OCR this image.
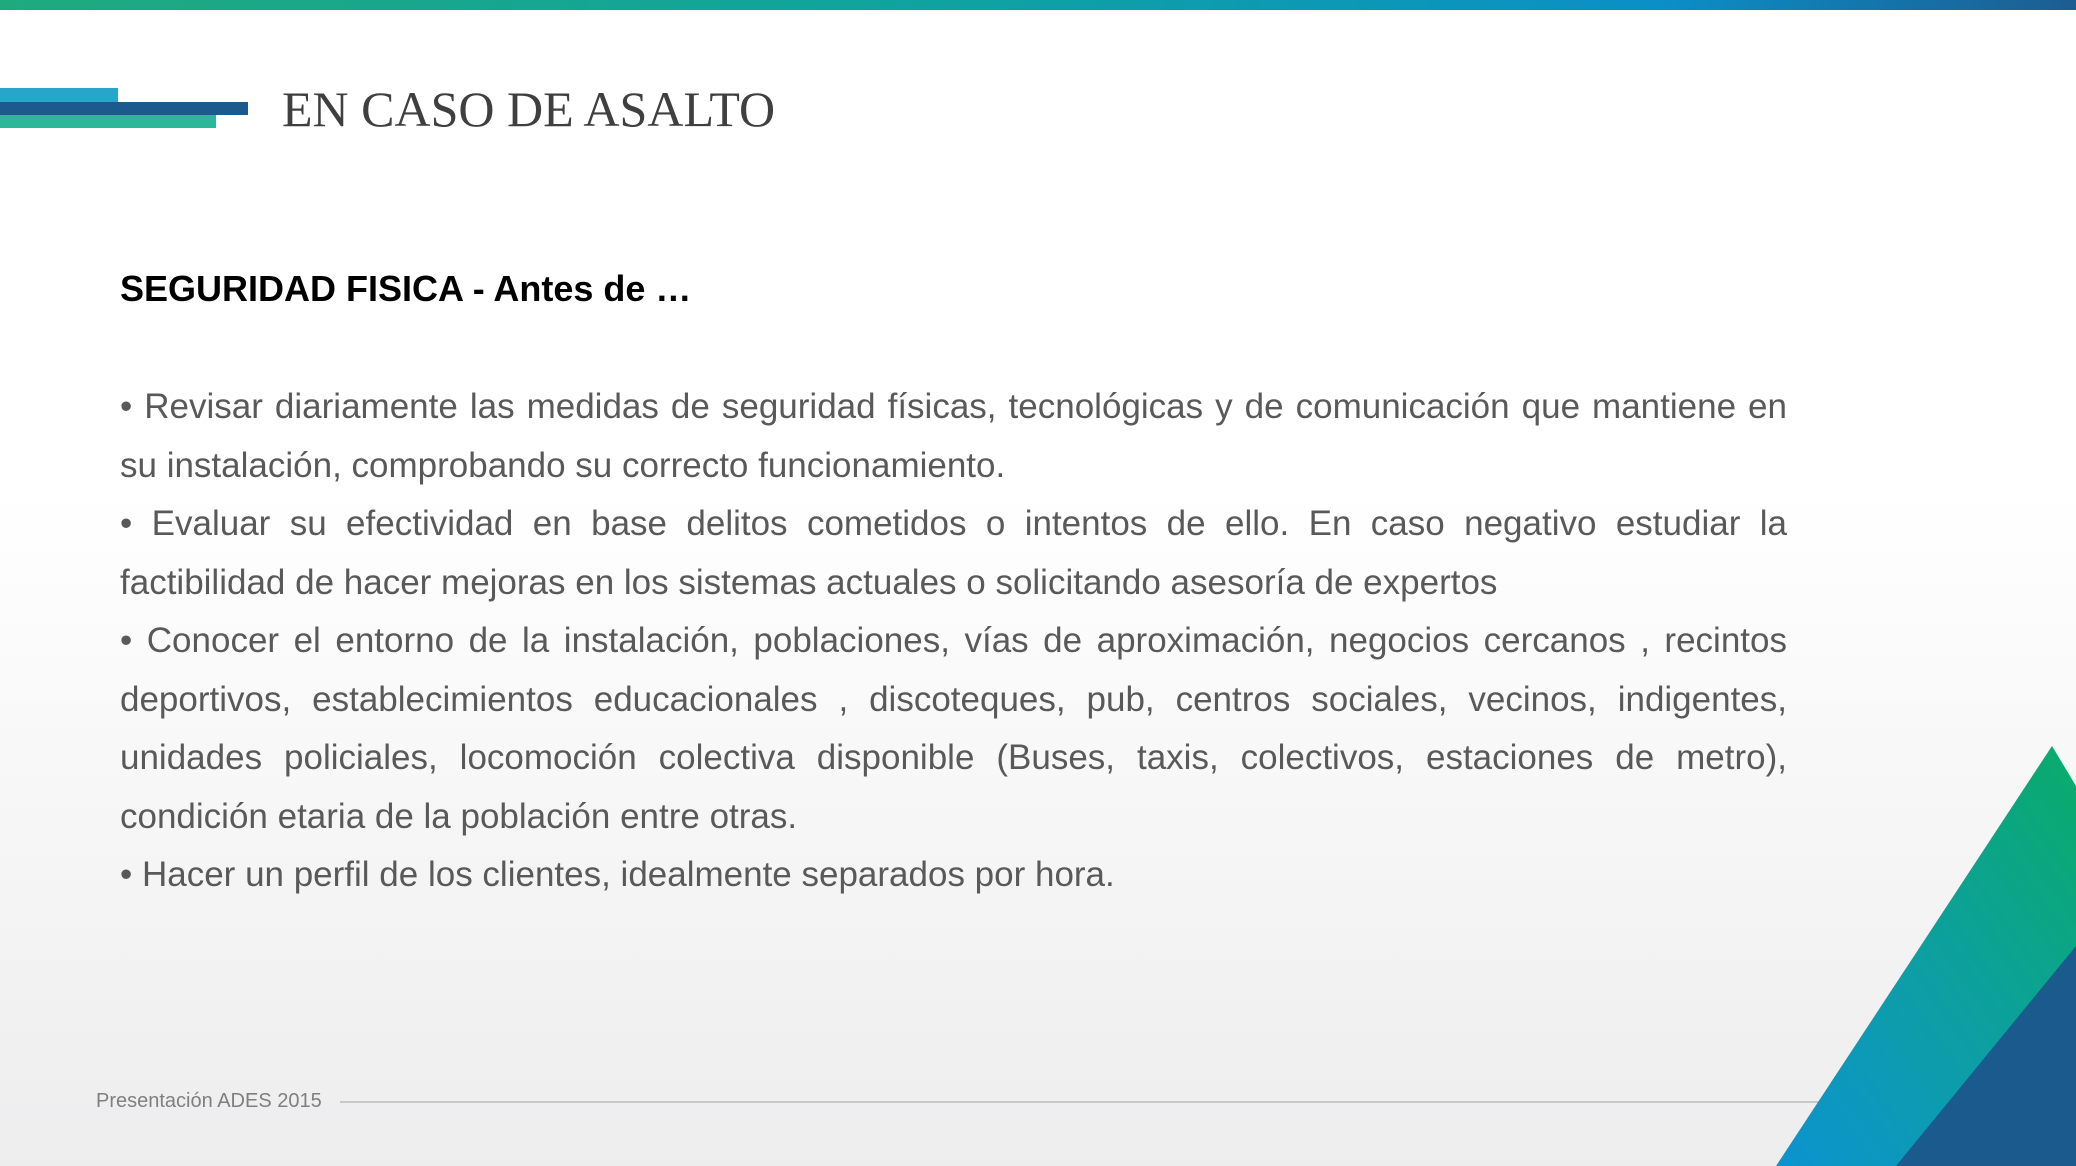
EN CASO DE ASALTO
SEGURIDAD FISICA - Antes de …
• Revisar diariamente las medidas de seguridad físicas, tecnológicas y de comunicación que mantiene en su instalación, comprobando su correcto funcionamiento.
• Evaluar su efectividad en base delitos cometidos o intentos de ello. En caso negativo estudiar la factibilidad de hacer mejoras en los sistemas actuales o solicitando asesoría de expertos
• Conocer el entorno de la instalación, poblaciones, vías de aproximación, negocios cercanos , recintos deportivos, establecimientos educacionales , discoteques, pub, centros sociales, vecinos, indigentes, unidades policiales, locomoción colectiva disponible (Buses, taxis, colectivos, estaciones de metro), condición etaria de la población entre otras.
• Hacer un perfil de los clientes, idealmente separados por hora.
Presentación ADES 2015
